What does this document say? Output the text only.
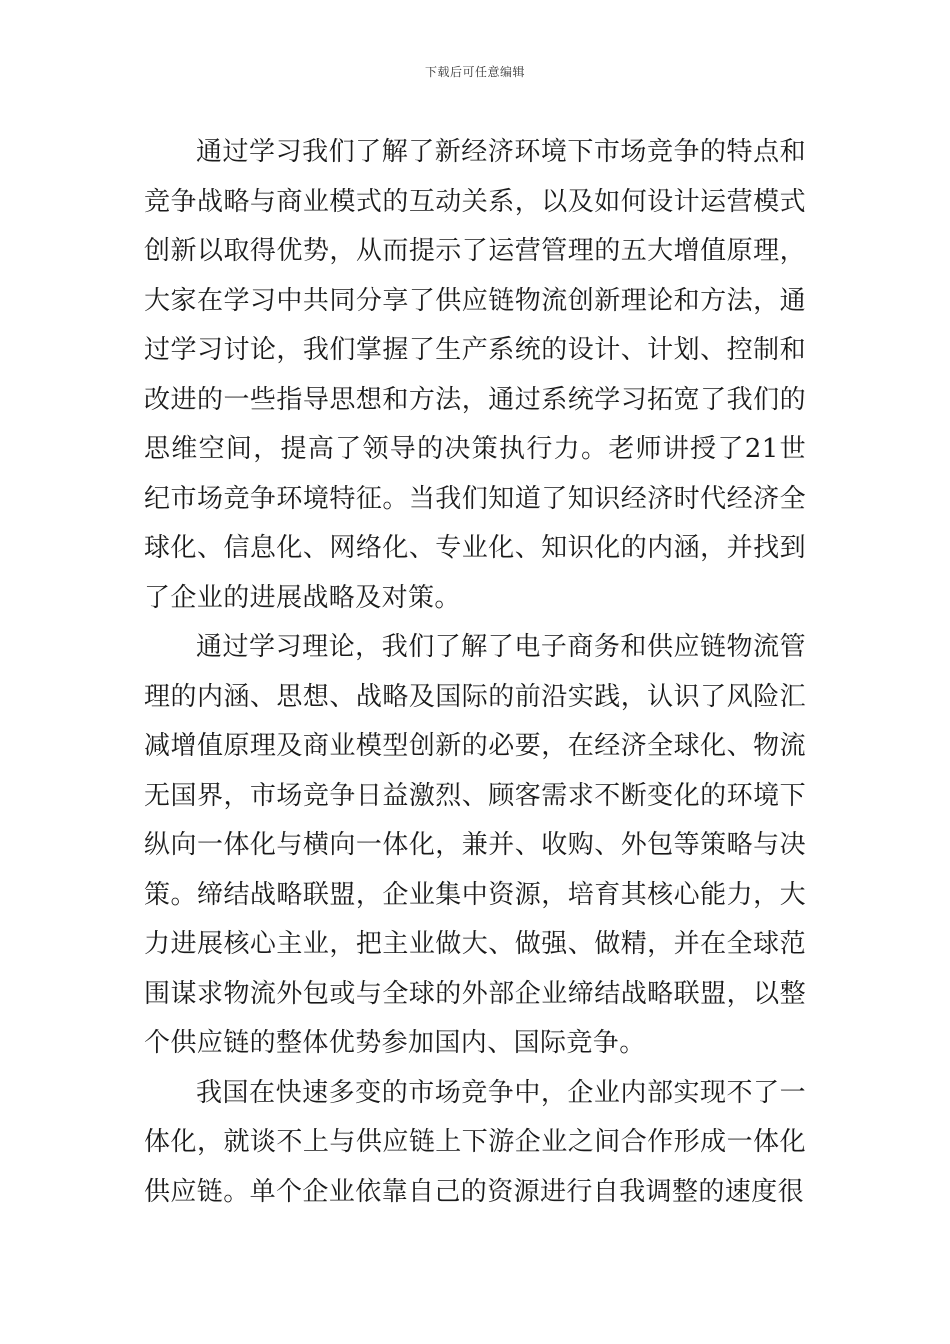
下载后可任意编辑

通过学习我们了解了新经济环境下市场竞争的特点和竞争战略与商业模式的互动关系，以及如何设计运营模式创新以取得优势，从而提示了运营管理的五大增值原理，大家在学习中共同分享了供应链物流创新理论和方法，通过学习讨论，我们掌握了生产系统的设计、计划、控制和改进的一些指导思想和方法，通过系统学习拓宽了我们的思维空间，提高了领导的决策执行力。老师讲授了21世纪市场竞争环境特征。当我们知道了知识经济时代经济全球化、信息化、网络化、专业化、知识化的内涵，并找到了企业的进展战略及对策。

通过学习理论，我们了解了电子商务和供应链物流管理的内涵、思想、战略及国际的前沿实践，认识了风险汇减增值原理及商业模型创新的必要，在经济全球化、物流无国界，市场竞争日益激烈、顾客需求不断变化的环境下纵向一体化与横向一体化，兼并、收购、外包等策略与决策。缔结战略联盟，企业集中资源，培育其核心能力，大力进展核心主业，把主业做大、做强、做精，并在全球范围谋求物流外包或与全球的外部企业缔结战略联盟，以整个供应链的整体优势参加国内、国际竞争。

我国在快速多变的市场竞争中，企业内部实现不了一体化，就谈不上与供应链上下游企业之间合作形成一体化供应链。单个企业依靠自己的资源进行自我调整的速度很
